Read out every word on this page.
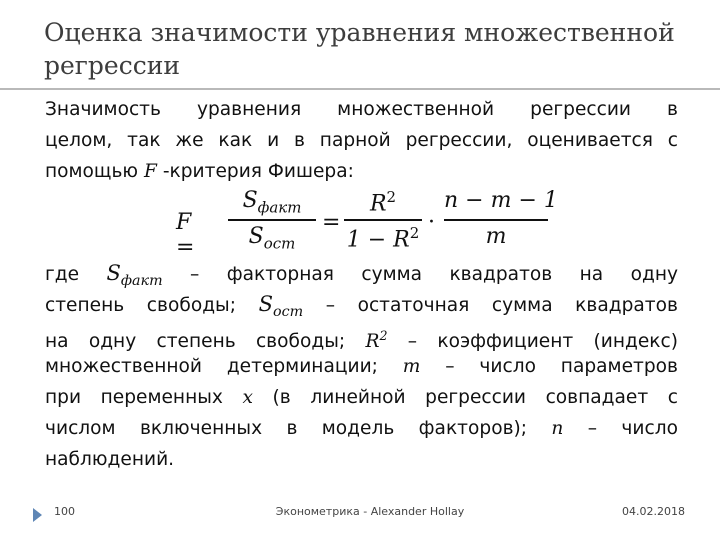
Оценка значимости уравнения множественной регрессии
Значимость уравнения множественной регрессии в
целом, так же как и в парной регрессии, оценивается с
помощью F -критерия Фишера:
F =
$S_{факт}$
$S_{ост}$
=
$R^2$
$1 - R^2$ ·
n − m − 1
m
где $S_{факт}$ – факторная сумма квадратов на одну
степень свободы; $S_{ост}$ – остаточная сумма квадратов
на одну степень свободы; $R^2$ – коэффициент (индекс)
множественной детерминации; m – число параметров
при переменных x (в линейной регрессии совпадает с
числом включенных в модель факторов); n – число
наблюдений.
100	Эконометрика - Alexander Hollay	04.02.2018
